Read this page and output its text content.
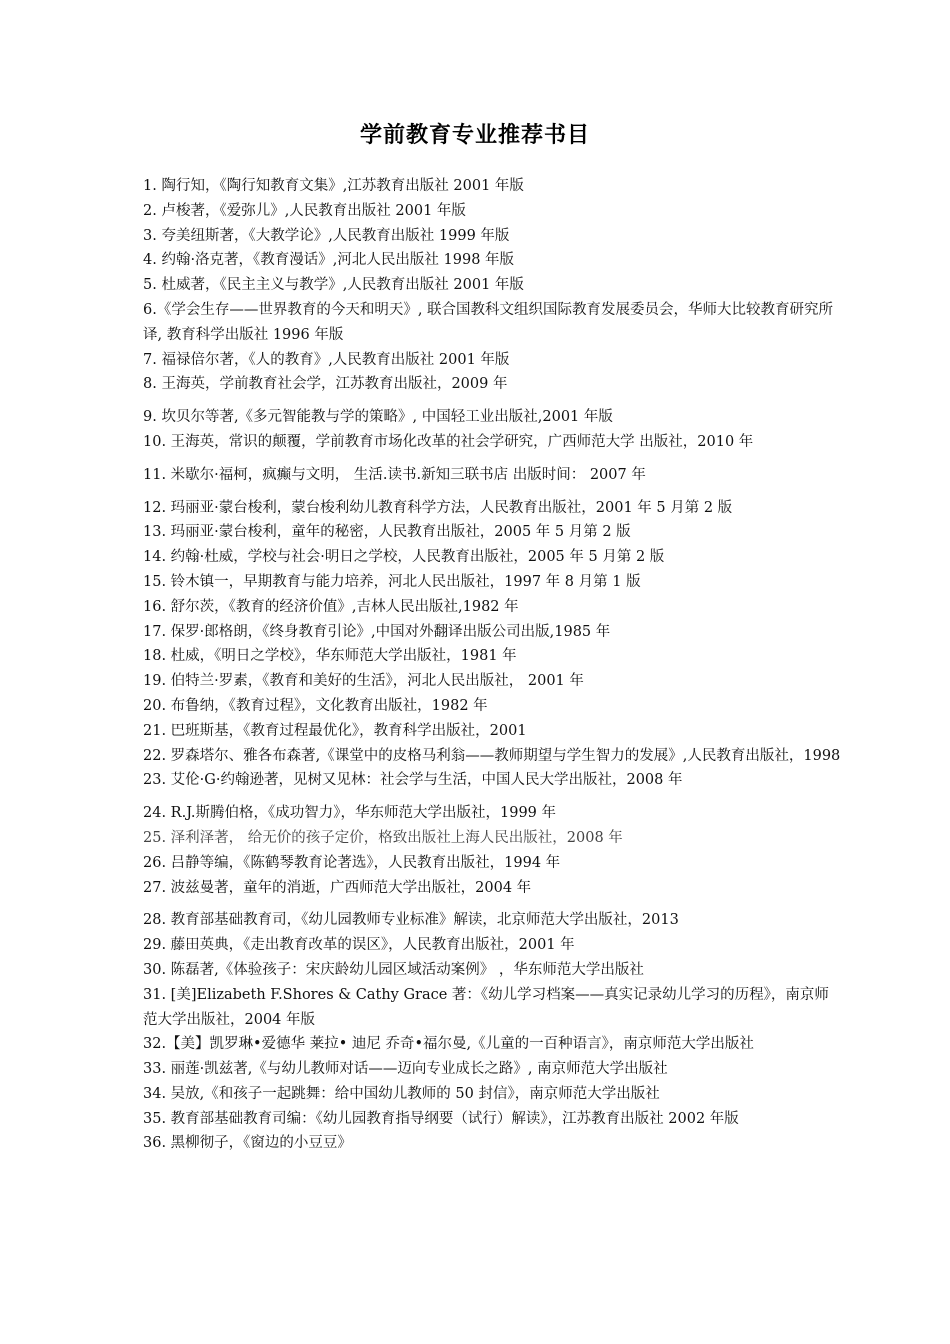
学前教育专业推荐书目
1. 陶行知，《陶行知教育文集》,江苏教育出版社 2001 年版
2. 卢梭著，《爱弥儿》,人民教育出版社 2001 年版
3. 夸美纽斯著，《大教学论》,人民教育出版社 1999 年版
4. 约翰·洛克著，《教育漫话》,河北人民出版社 1998 年版
5. 杜威著，《民主主义与教学》,人民教育出版社 2001 年版
6.《学会生存——世界教育的今天和明天》, 联合国教科文组织国际教育发展委员会，华师大比较教育研究所译, 教育科学出版社 1996 年版
7. 福禄倍尔著，《人的教育》,人民教育出版社 2001 年版
8. 王海英，学前教育社会学，江苏教育出版社，2009 年
9. 坎贝尔等著,《多元智能教与学的策略》, 中国轻工业出版社,2001 年版
10. 王海英，常识的颠覆，学前教育市场化改革的社会学研究，广西师范大学 出版社，2010 年
11. 米歇尔·福柯，疯癫与文明， 生活.读书.新知三联书店 出版时间： 2007 年
12. 玛丽亚·蒙台梭利，蒙台梭利幼儿教育科学方法，人民教育出版社，2001 年 5 月第 2 版
13. 玛丽亚·蒙台梭利，童年的秘密，人民教育出版社，2005 年 5 月第 2 版
14. 约翰·杜威，学校与社会·明日之学校，人民教育出版社，2005 年 5 月第 2 版
15. 铃木镇一，早期教育与能力培养，河北人民出版社，1997 年 8 月第 1 版
16. 舒尔茨，《教育的经济价值》,吉林人民出版社,1982 年
17. 保罗·郎格朗，《终身教育引论》,中国对外翻译出版公司出版,1985 年
18. 杜威，《明日之学校》，华东师范大学出版社，1981 年
19. 伯特兰·罗素，《教育和美好的生活》，河北人民出版社， 2001 年
20. 布鲁纳，《教育过程》，文化教育出版社，1982 年
21. 巴班斯基，《教育过程最优化》，教育科学出版社，2001
22. 罗森塔尔、雅各布森著,《课堂中的皮格马利翁——教师期望与学生智力的发展》,人民教育出版社，1998
23. 艾伦·G·约翰逊著，见树又见林：社会学与生活，中国人民大学出版社，2008 年
24. R.J.斯腾伯格，《成功智力》，华东师范大学出版社，1999 年
25. 泽利泽著， 给无价的孩子定价，格致出版社上海人民出版社，2008 年
26. 吕静等编，《陈鹤琴教育论著选》，人民教育出版社，1994 年
27. 波兹曼著，童年的消逝，广西师范大学出版社，2004 年
28. 教育部基础教育司，《幼儿园教师专业标准》解读，北京师范大学出版社，2013
29. 藤田英典，《走出教育改革的误区》，人民教育出版社，2001 年
30. 陈磊著,《体验孩子：宋庆龄幼儿园区域活动案例》 ，华东师范大学出版社
31. [美]Elizabeth F.Shores & Cathy Grace 著：《幼儿学习档案——真实记录幼儿学习的历程》，南京师范大学出版社，2004 年版
32.【美】凯罗琳•爱德华 莱拉• 迪尼 乔奇•福尔曼,《儿童的一百种语言》，南京师范大学出版社
33. 丽莲·凯兹著,《与幼儿教师对话——迈向专业成长之路》, 南京师范大学出版社
34. 吴放,《和孩子一起跳舞：给中国幼儿教师的 50 封信》，南京师范大学出版社
35. 教育部基础教育司编：《幼儿园教育指导纲要（试行）解读》，江苏教育出版社 2002 年版
36. 黑柳彻子，《窗边的小豆豆》
